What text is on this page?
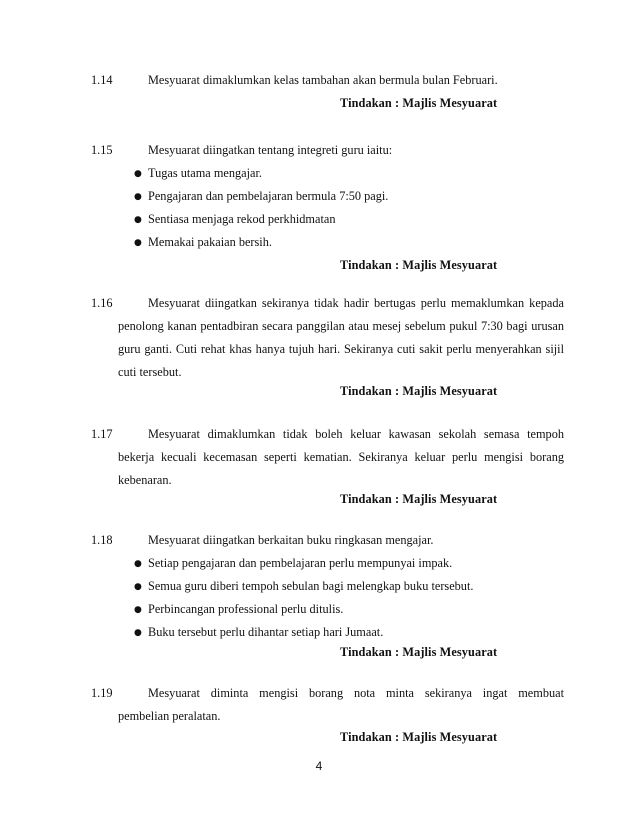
1.14	Mesyuarat dimaklumkan kelas tambahan akan bermula bulan Februari.
Tindakan : Majlis Mesyuarat
1.15	Mesyuarat diingatkan tentang integreti guru iaitu:
● Tugas utama mengajar.
● Pengajaran dan pembelajaran bermula 7:50 pagi.
● Sentiasa menjaga rekod perkhidmatan
● Memakai pakaian bersih.
Tindakan : Majlis Mesyuarat
1.16	Mesyuarat diingatkan sekiranya tidak hadir bertugas perlu memaklumkan kepada
penolong kanan pentadbiran secara panggilan atau mesej sebelum pukul 7:30 bagi urusan
guru ganti. Cuti rehat khas hanya tujuh hari. Sekiranya cuti sakit perlu menyerahkan sijil
cuti tersebut.
Tindakan : Majlis Mesyuarat
1.17	Mesyuarat dimaklumkan tidak boleh keluar kawasan sekolah semasa tempoh
bekerja kecuali kecemasan seperti kematian. Sekiranya keluar perlu mengisi borang
kebenaran.
Tindakan : Majlis Mesyuarat
1.18	Mesyuarat diingatkan berkaitan buku ringkasan mengajar.
● Setiap pengajaran dan pembelajaran perlu mempunyai impak.
● Semua guru diberi tempoh sebulan bagi melengkap buku tersebut.
● Perbincangan professional perlu ditulis.
● Buku tersebut perlu dihantar setiap hari Jumaat.
Tindakan : Majlis Mesyuarat
1.19	Mesyuarat diminta mengisi borang nota minta sekiranya ingat membuat
pembelian peralatan.
Tindakan : Majlis Mesyuarat
4
